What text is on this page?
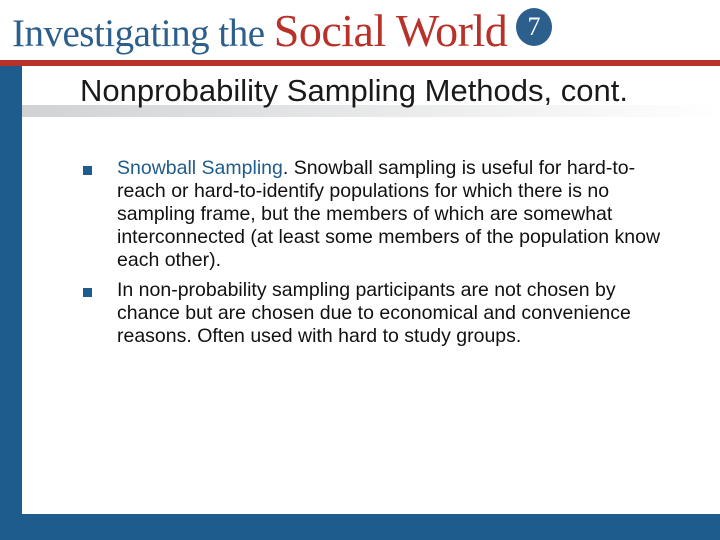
Investigating the Social World 7
Nonprobability Sampling Methods, cont.
Snowball Sampling. Snowball sampling is useful for hard-to-reach or hard-to-identify populations for which there is no sampling frame, but the members of which are somewhat interconnected (at least some members of the population know each other).
In non-probability sampling participants are not chosen by chance but are chosen due to economical and convenience reasons. Often used with hard to study groups.
